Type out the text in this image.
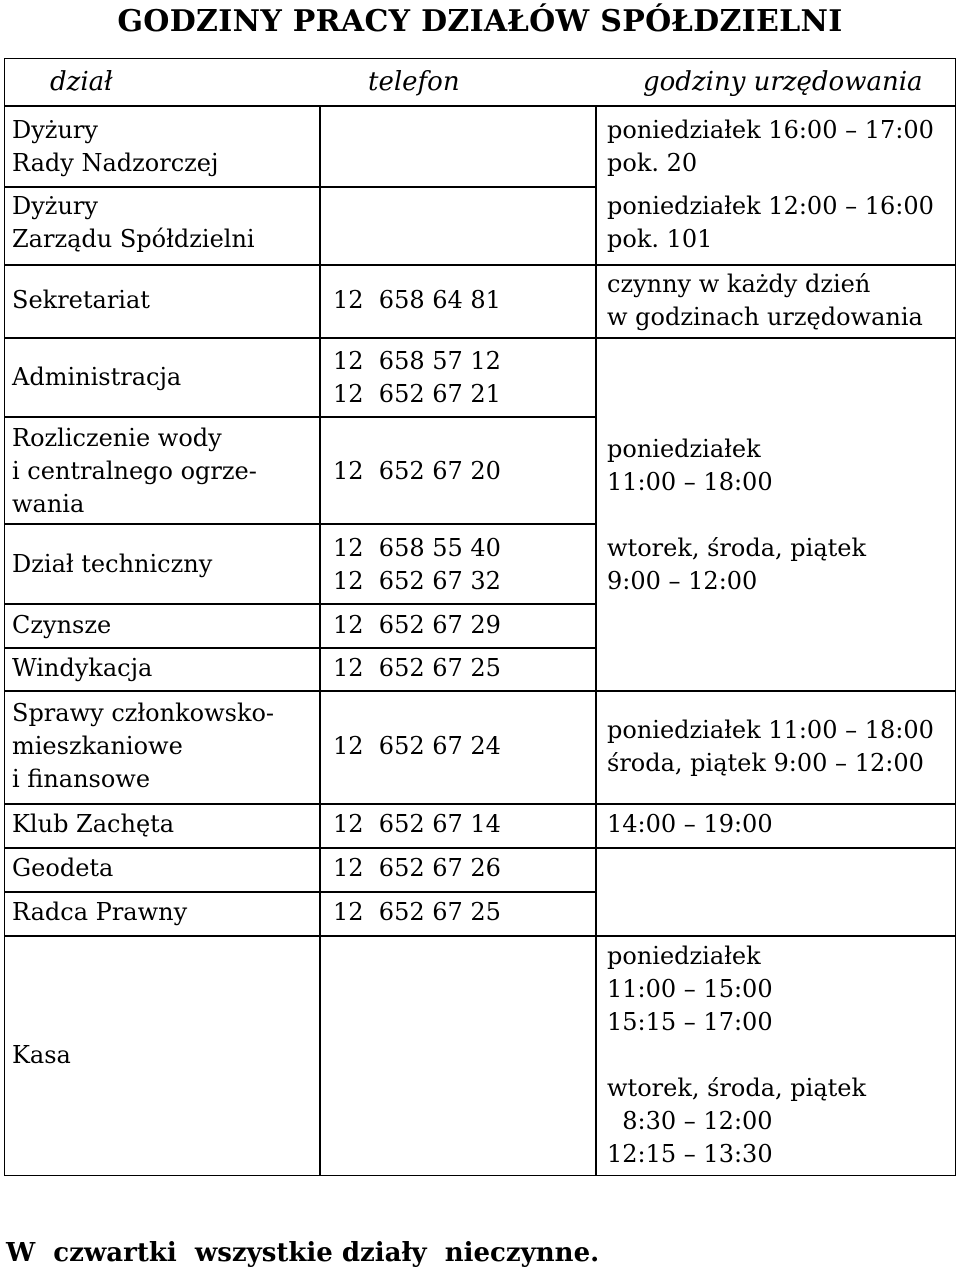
GODZINY PRACY DZIAŁÓW SPÓŁDZIELNI
dział	telefon	godziny urzędowania
Dyżury
Rady Nadzorczej
Dyżury
Zarządu Spółdzielni
Sekretariat
Administracja
Rozliczenie wody
i centralnego ogrze-
wania
Dział techniczny
Czynsze
Windykacja
Sprawy członkowsko-
mieszkaniowe
i finansowe
Klub Zachęta
Geodeta
Radca Prawny
Kasa
12  658 64 81
12  658 57 12
12  652 67 21
12  652 67 20
12  658 55 40
12  652 67 32
12  652 67 29
12  652 67 25
12  652 67 24
12  652 67 14
12  652 67 26
12  652 67 25
poniedziałek 16:00 – 17:00
pok. 20
poniedziałek 12:00 – 16:00
pok. 101
czynny w każdy dzień
w godzinach urzędowania
poniedziałek
11:00 – 18:00
wtorek, środa, piątek
9:00 – 12:00
poniedziałek 11:00 – 18:00
środa, piątek 9:00 – 12:00
14:00 – 19:00
poniedziałek
11:00 – 15:00
15:15 – 17:00
wtorek, środa, piątek
8:30 – 12:00
12:15 – 13:30
W  czwartki  wszystkie działy  nieczynne.
